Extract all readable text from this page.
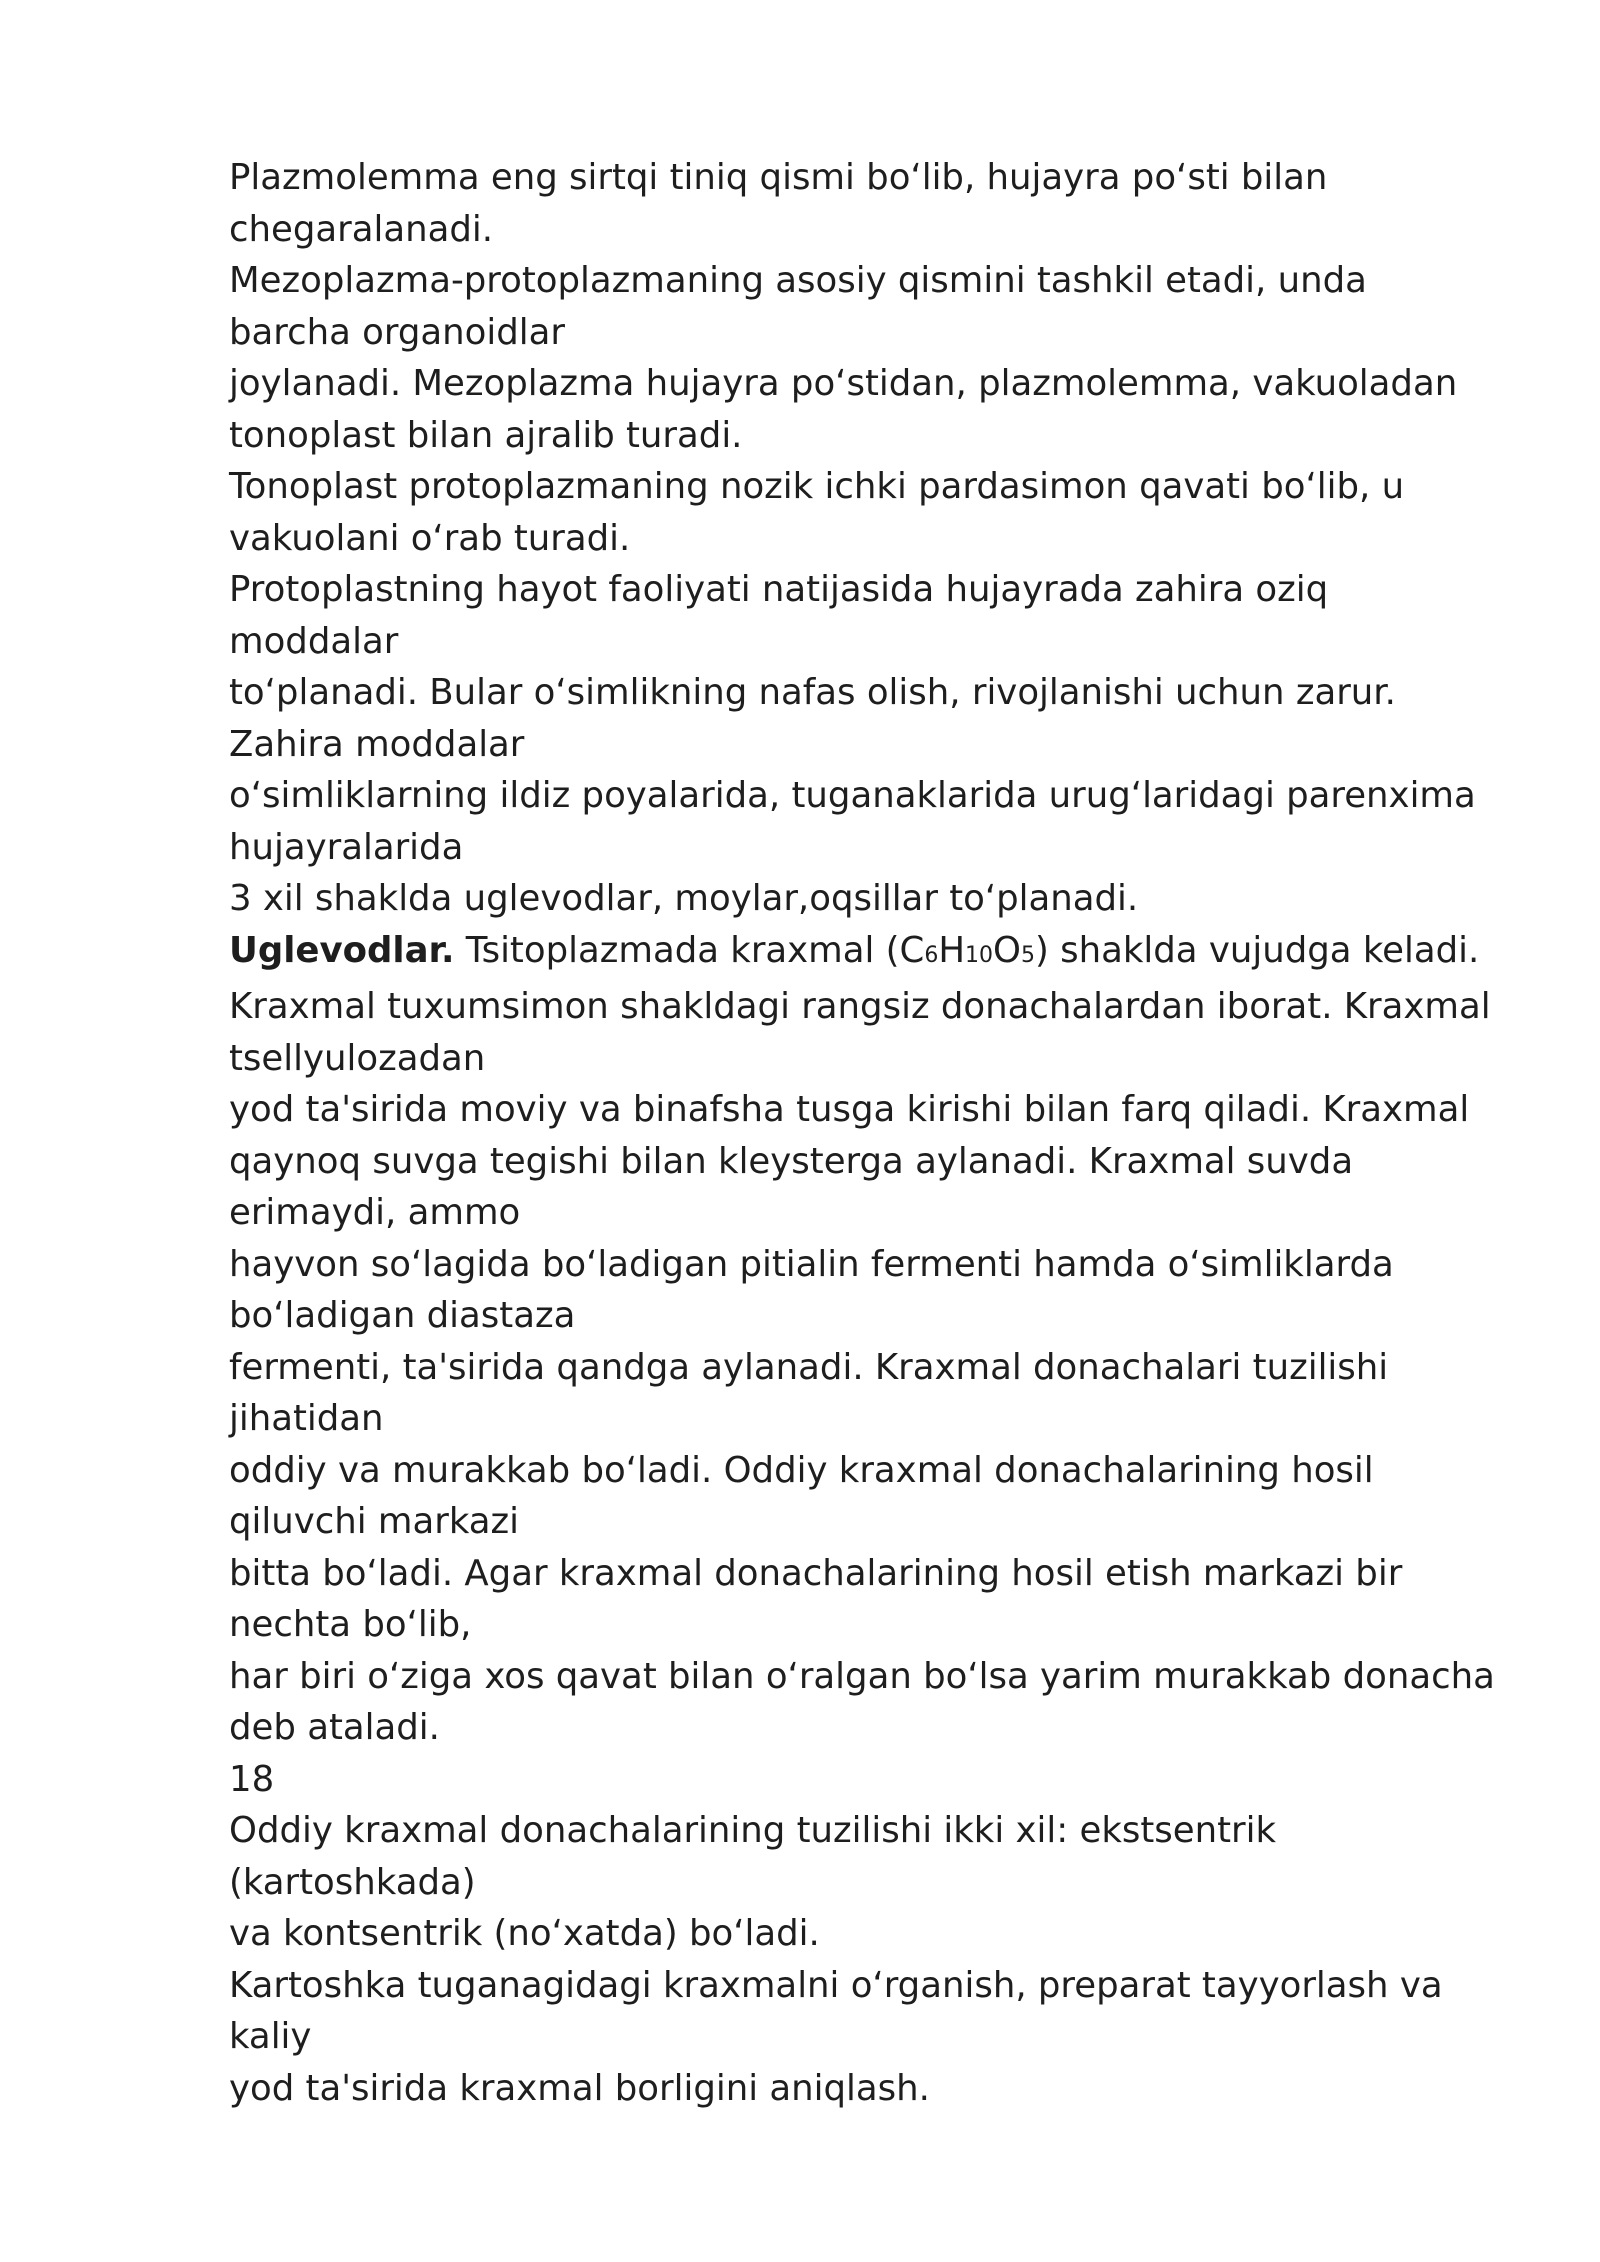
Plazmolemma eng sirtqi tiniq qismi bo‘lib, hujayra po‘sti bilan
chegaralanadi.
Mezoplazma-protoplazmaning asosiy qismini tashkil etadi, unda
barcha organoidlar
joylanadi. Mezoplazma hujayra po‘stidan, plazmolemma, vakuoladan
tonoplast bilan ajralib turadi.
Tonoplast protoplazmaning nozik ichki pardasimon qavati bo‘lib, u
vakuolani o‘rab turadi.
Protoplastning hayot faoliyati natijasida hujayrada zahira oziq
moddalar
to‘planadi. Bular o‘simlikning nafas olish, rivojlanishi uchun zarur.
Zahira moddalar
o‘simliklarning ildiz poyalarida, tuganaklarida urug‘laridagi parenxima
hujayralarida
3 xil shaklda uglevodlar, moylar,oqsillar to‘planadi.
Uglevodlar. Tsitoplazmada kraxmal (C6H10O5) shaklda vujudga keladi.
Kraxmal tuxumsimon shakldagi rangsiz donachalardan iborat. Kraxmal
tsellyulozadan
yod ta'sirida moviy va binafsha tusga kirishi bilan farq qiladi. Kraxmal
qaynoq suvga tegishi bilan kleysterga aylanadi. Kraxmal suvda
erimaydi, ammo
hayvon so‘lagida bo‘ladigan pitialin fermenti hamda o‘simliklarda
bo‘ladigan diastaza
fermenti, ta'sirida qandga aylanadi. Kraxmal donachalari tuzilishi
jihatidan
oddiy va murakkab bo‘ladi. Oddiy kraxmal donachalarining hosil
qiluvchi markazi
bitta bo‘ladi. Agar kraxmal donachalarining hosil etish markazi bir
nechta bo‘lib,
har biri o‘ziga xos qavat bilan o‘ralgan bo‘lsa yarim murakkab donacha
deb ataladi.
18
Oddiy kraxmal donachalarining tuzilishi ikki xil: ekstsentrik
(kartoshkada)
va kontsentrik (no‘xatda) bo‘ladi.
Kartoshka tuganagidagi kraxmalni o‘rganish, preparat tayyorlash va
kaliy
yod ta'sirida kraxmal borligini aniqlash.
